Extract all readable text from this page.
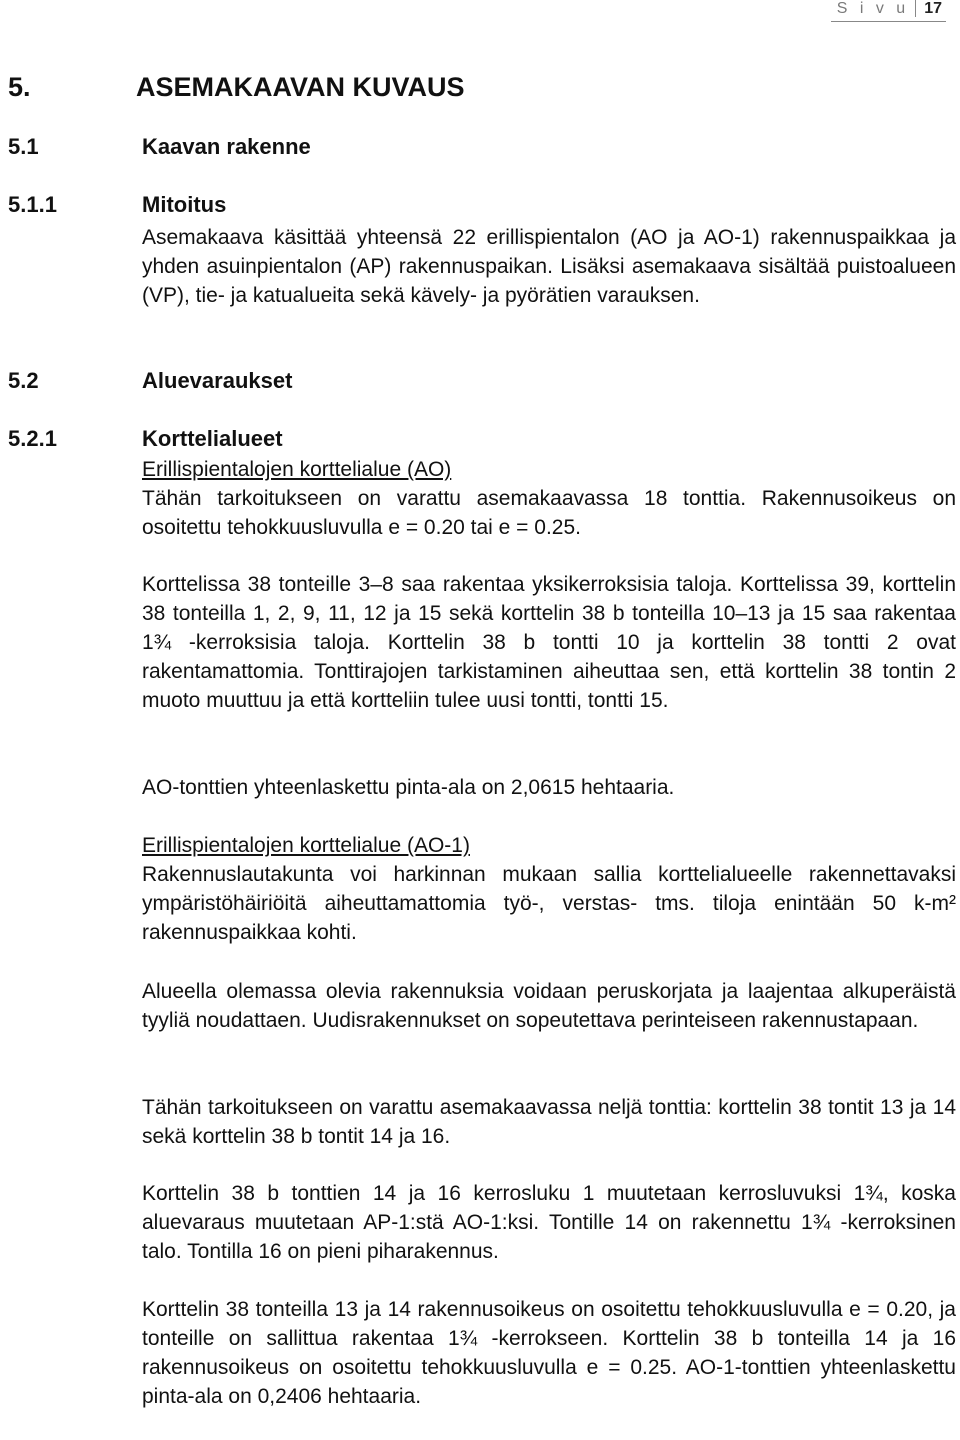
S i v u 17
5.	ASEMAKAAVAN KUVAUS
5.1	Kaavan rakenne
5.1.1	Mitoitus

Asemakaava käsittää yhteensä 22 erillispientalon (AO ja AO-1) rakennuspaikkaa ja yhden asuinpientalon (AP) rakennuspaikan. Lisäksi asemakaava sisältää puistoalueen (VP), tie- ja katualueita sekä kävely- ja pyörätien varauksen.

5.2	Aluevaraukset
5.2.1	Korttelialueet

Erillispientalojen korttelialue (AO)

Tähän tarkoitukseen on varattu asemakaavassa 18 tonttia. Rakennusoikeus on osoitettu tehokkuusluvulla e = 0.20 tai e = 0.25.

Korttelissa 38 tonteille 3–8 saa rakentaa yksikerroksisia taloja. Korttelissa 39, korttelin 38 tonteilla 1, 2, 9, 11, 12 ja 15 sekä korttelin 38 b tonteilla 10–13 ja 15 saa rakentaa 1¾ -kerroksisia taloja. Korttelin 38 b tontti 10 ja korttelin 38 tontti 2 ovat rakentamattomia. Tonttirajojen tarkistaminen aiheuttaa sen, että korttelin 38 tontin 2 muoto muuttuu ja että kortteliin tulee uusi tontti, tontti 15.

AO-tonttien yhteenlaskettu pinta-ala on 2,0615 hehtaaria.

Erillispientalojen korttelialue (AO-1)

Rakennuslautakunta voi harkinnan mukaan sallia korttelialueelle rakennettavaksi ympäristöhäiriöitä aiheuttamattomia työ-, verstas- tms. tiloja enintään 50 k-m² rakennuspaikkaa kohti.

Alueella olemassa olevia rakennuksia voidaan peruskorjata ja laajentaa alkuperäistä tyyliä noudattaen. Uudisrakennukset on sopeutettava perinteiseen rakennustapaan.

Tähän tarkoitukseen on varattu asemakaavassa neljä tonttia: korttelin 38 tontit 13 ja 14 sekä korttelin 38 b tontit 14 ja 16.

Korttelin 38 b tonttien 14 ja 16 kerrosluku 1 muutetaan kerrosluvuksi 1¾, koska aluevaraus muutetaan AP-1:stä AO-1:ksi. Tontille 14 on rakennettu 1¾ -kerroksinen talo. Tontilla 16 on pieni piharakennus.

Korttelin 38 tonteilla 13 ja 14 rakennusoikeus on osoitettu tehokkuusluvulla e = 0.20, ja tonteille on sallittua rakentaa 1¾ -kerrokseen. Korttelin 38 b tonteilla 14 ja 16 rakennusoikeus on osoitettu tehokkuusluvulla e = 0.25. AO-1-tonttien yhteenlaskettu pinta-ala on 0,2406 hehtaaria.
